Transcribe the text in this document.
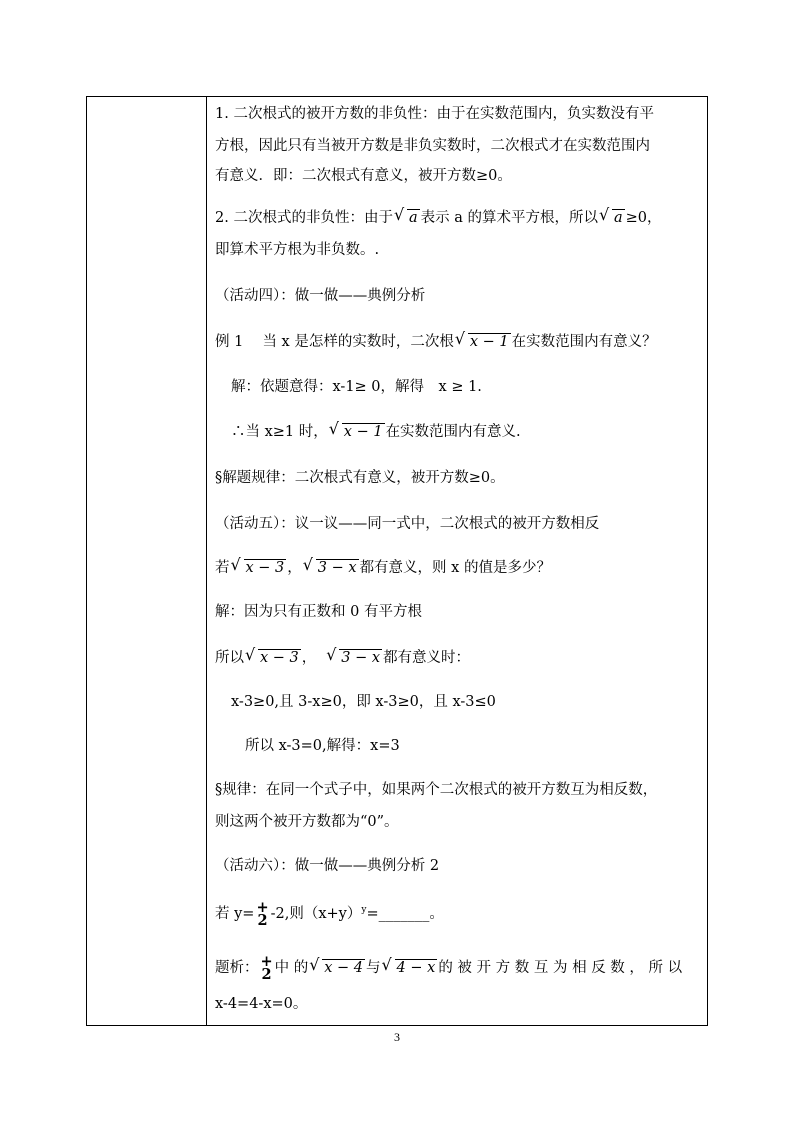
1. 二次根式的被开方数的非负性：由于在实数范围内，负实数没有平
方根，因此只有当被开方数是非负实数时，二次根式才在实数范围内
有意义．即：二次根式有意义，被开方数≥0。
2. 二次根式的非负性：由于 √ a 表示 a 的算术平方根，所以 √ a ≥0，
即算术平方根为非负数。.
（活动四）：做一做——典例分析
例 1　 当 x 是怎样的实数时，二次根 √ x − 1 在实数范围内有意义？
解：依题意得：x-1≥ 0，解得　x ≥ 1.
∴当 x≥1 时， √ x − 1 在实数范围内有意义.
§解题规律：二次根式有意义，被开方数≥0。
（活动五）：议一议——同一式中，二次根式的被开方数相反
若 √ x − 3 ， √ 3 − x 都有意义，则 x 的值是多少？
解：因为只有正数和 0 有平方根
所以 √ x − 3 ， √ 3 − x 都有意义时：
x-3≥0,且 3-x≥0，即 x-3≥0，且 x-3≤0
所以 x-3=0,解得：x=3
§规律：在同一个式子中，如果两个二次根式的被开方数互为相反数，
则这两个被开方数都为“0”。
（活动六）：做一做——典例分析 2
若 y= +
2 -2,则$(x+y)^y=\_\_\_\_\_\_\_$。
题析： +
2 中 的 √ x − 4 与 √ 4 − x 的 被 开 方 数 互 为 相 反 数 ， 所 以
x-4=4-x=0。
3
